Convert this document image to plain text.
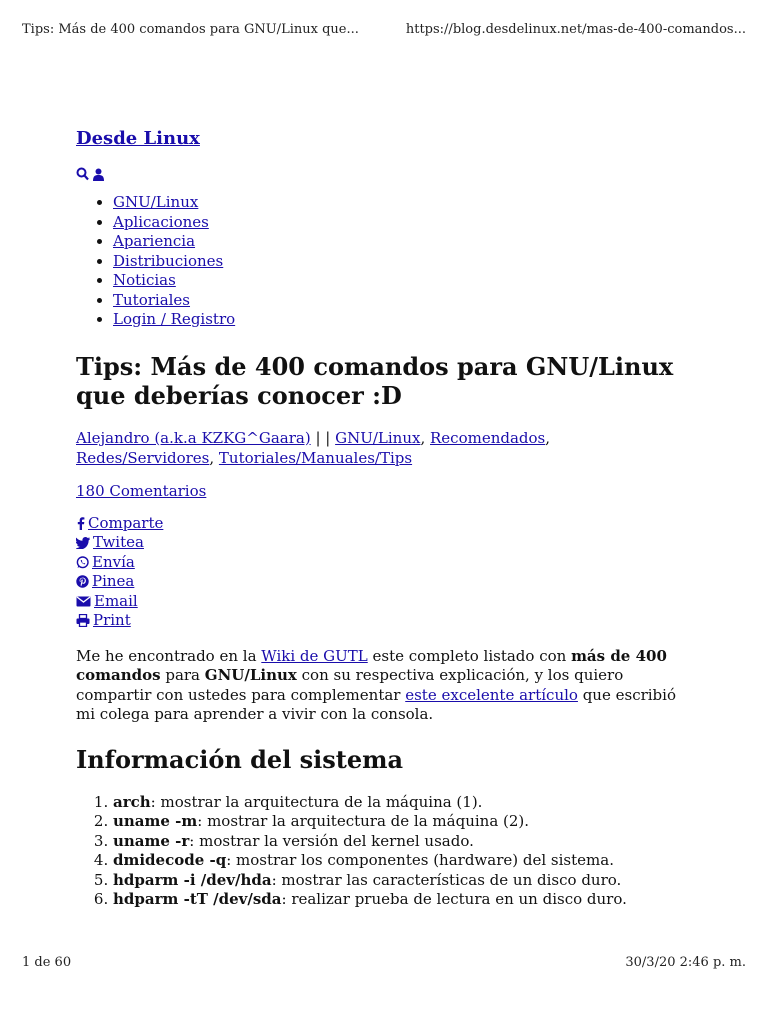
Tips: Más de 400 comandos para GNU/Linux que...	https://blog.desdelinux.net/mas-de-400-comandos...
Desde Linux
• GNU/Linux
• Aplicaciones
• Apariencia
• Distribuciones
• Noticias
• Tutoriales
• Login / Registro
Tips: Más de 400 comandos para GNU/Linux que deberías conocer :D
Alejandro (a.k.a KZKG^Gaara) | | GNU/Linux, Recomendados,
Redes/Servidores, Tutoriales/Manuales/Tips
180 Comentarios
Comparte
Twitea
Envía
Pinea
Email
Print

Me he encontrado en la Wiki de GUTL este completo listado con más de 400 comandos para GNU/Linux con su respectiva explicación, y los quiero compartir con ustedes para complementar este excelente artículo que escribió mi colega para aprender a vivir con la consola.

Información del sistema
1. arch: mostrar la arquitectura de la máquina (1).
2. uname -m: mostrar la arquitectura de la máquina (2).
3. uname -r: mostrar la versión del kernel usado.
4. dmidecode -q: mostrar los componentes (hardware) del sistema.
5. hdparm -i /dev/hda: mostrar las características de un disco duro.
6. hdparm -tT /dev/sda: realizar prueba de lectura en un disco duro.
1 de 60	30/3/20 2:46 p. m.
